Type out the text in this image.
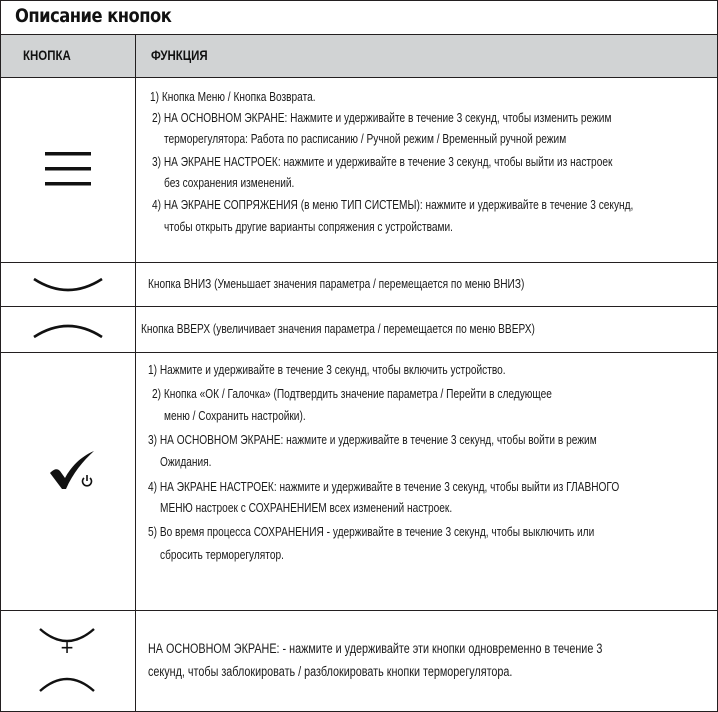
Описание кнопок
КНОПКА	ФУНКЦИЯ
1) Кнопка Меню / Кнопка Возврата.
2) НА ОСНОВНОМ ЭКРАНЕ: Нажмите и удерживайте в течение 3 секунд, чтобы изменить режим
терморегулятора: Работа по расписанию / Ручной режим / Временный ручной режим
3) НА ЭКРАНЕ НАСТРОЕК: нажмите и удерживайте в течение 3 секунд, чтобы выйти из настроек
без сохранения изменений.
4) НА ЭКРАНЕ СОПРЯЖЕНИЯ (в меню ТИП СИСТЕМЫ): нажмите и удерживайте в течение 3 секунд,
чтобы открыть другие варианты сопряжения с устройствами.
Кнопка ВНИЗ (Уменьшает значения параметра / перемещается по меню ВНИЗ)
Кнопка ВВЕРХ (увеличивает значения параметра / перемещается по меню ВВЕРХ)
1) Нажмите и удерживайте в течение 3 секунд, чтобы включить устройство.
2) Кнопка «ОК / Галочка» (Подтвердить значение параметра / Перейти в следующее
меню / Сохранить настройки).
3) НА ОСНОВНОМ ЭКРАНЕ: нажмите и удерживайте в течение 3 секунд, чтобы войти в режим
Ожидания.
4) НА ЭКРАНЕ НАСТРОЕК: нажмите и удерживайте в течение 3 секунд, чтобы выйти из ГЛАВНОГО
МЕНЮ настроек с СОХРАНЕНИЕМ всех изменений настроек.
5) Во время процесса СОХРАНЕНИЯ - удерживайте в течение 3 секунд, чтобы выключить или
сбросить терморегулятор.
+	НА ОСНОВНОМ ЭКРАНЕ: - нажмите и удерживайте эти кнопки одновременно в течение 3
секунд, чтобы заблокировать / разблокировать кнопки терморегулятора.
